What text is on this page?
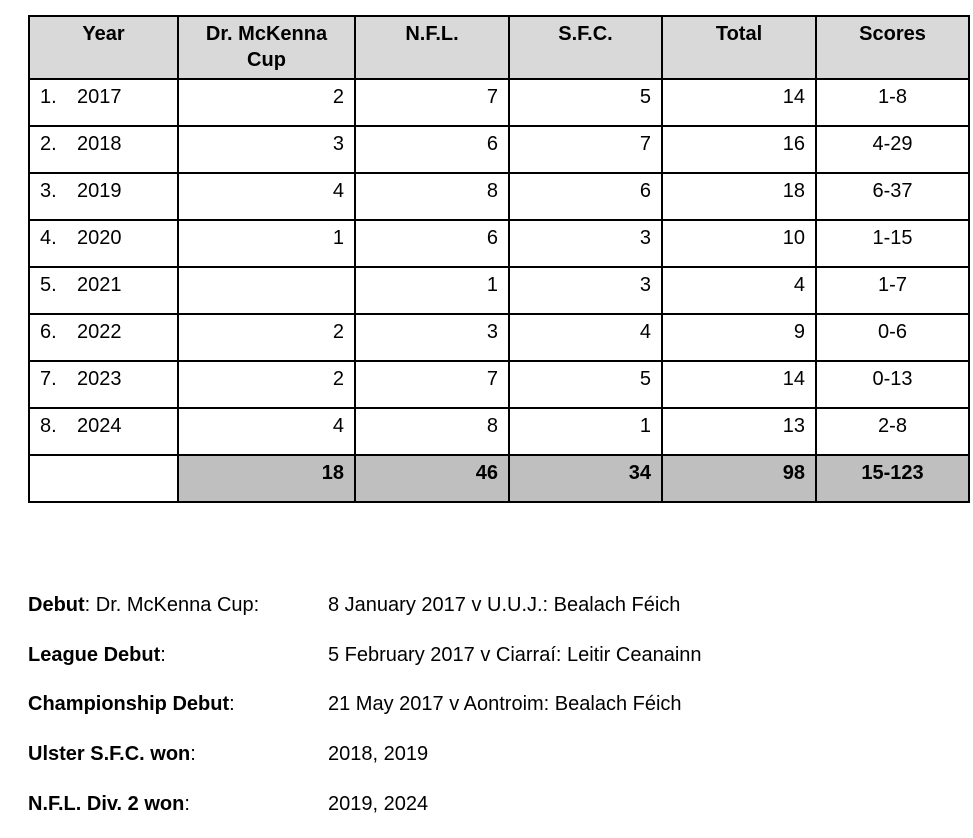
Year	Dr. McKenna Cup	N.F.L.	S.F.C.	Total	Scores
1. 2017	2	7	5	14	1-8
2. 2018	3	6	7	16	4-29
3. 2019	4	8	6	18	6-37
4. 2020	1	6	3	10	1-15
5. 2021		1	3	4	1-7
6. 2022	2	3	4	9	0-6
7. 2023	2	7	5	14	0-13
8. 2024	4	8	1	13	2-8
	18	46	34	98	15-123
Debut: Dr. McKenna Cup:	8 January 2017 v U.U.J.: Bealach Féich
League Debut:	5 February 2017 v Ciarraí: Leitir Ceanainn
Championship Debut:	21 May 2017 v Aontroim: Bealach Féich
Ulster S.F.C. won:	2018, 2019
N.F.L. Div. 2 won:	2019, 2024
